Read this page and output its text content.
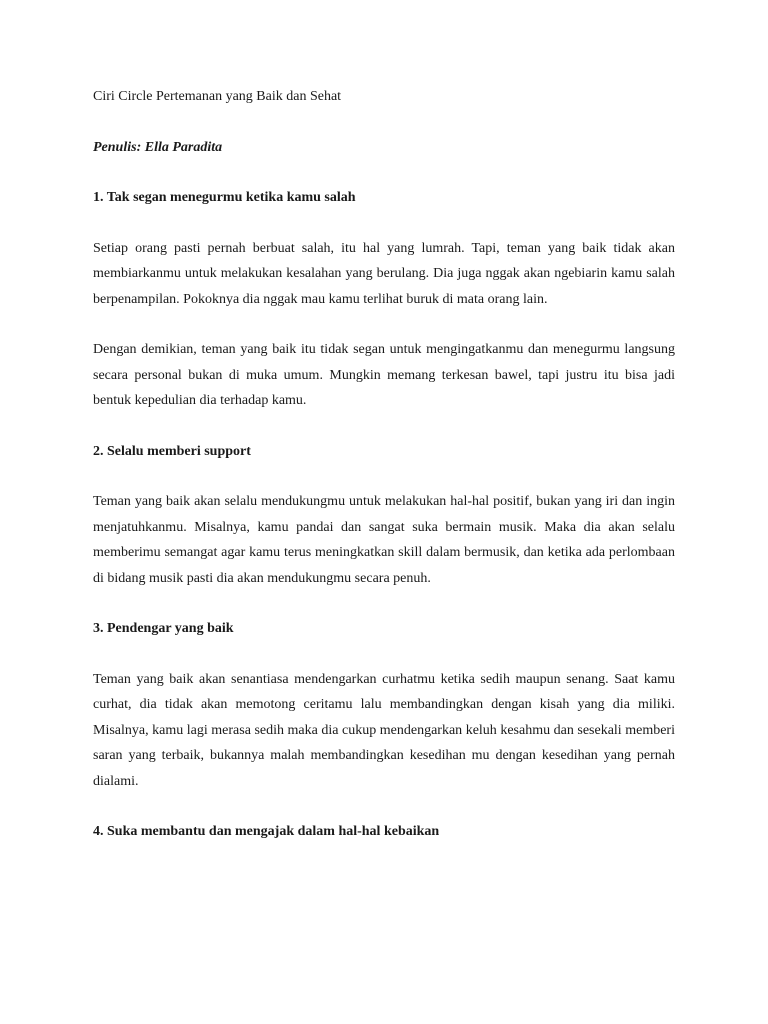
Ciri Circle Pertemanan yang Baik dan Sehat

Penulis: Ella Paradita

1. Tak segan menegurmu ketika kamu salah

Setiap orang pasti pernah berbuat salah, itu hal yang lumrah. Tapi, teman yang baik tidak akan membiarkanmu untuk melakukan kesalahan yang berulang. Dia juga nggak akan ngebiarin kamu salah berpenampilan. Pokoknya dia nggak mau kamu terlihat buruk di mata orang lain.

Dengan demikian, teman yang baik itu tidak segan untuk mengingatkanmu dan menegurmu langsung secara personal bukan di muka umum. Mungkin memang terkesan bawel, tapi justru itu bisa jadi bentuk kepedulian dia terhadap kamu.

2. Selalu memberi support

Teman yang baik akan selalu mendukungmu untuk melakukan hal-hal positif, bukan yang iri dan ingin menjatuhkanmu. Misalnya, kamu pandai dan sangat suka bermain musik. Maka dia akan selalu memberimu semangat agar kamu terus meningkatkan skill dalam bermusik, dan ketika ada perlombaan di bidang musik pasti dia akan mendukungmu secara penuh.

3. Pendengar yang baik

Teman yang baik akan senantiasa mendengarkan curhatmu ketika sedih maupun senang. Saat kamu curhat, dia tidak akan memotong ceritamu lalu membandingkan dengan kisah yang dia miliki. Misalnya, kamu lagi merasa sedih maka dia cukup mendengarkan keluh kesahmu dan sesekali memberi saran yang terbaik, bukannya malah membandingkan kesedihan mu dengan kesedihan yang pernah dialami.

4. Suka membantu dan mengajak dalam hal-hal kebaikan
